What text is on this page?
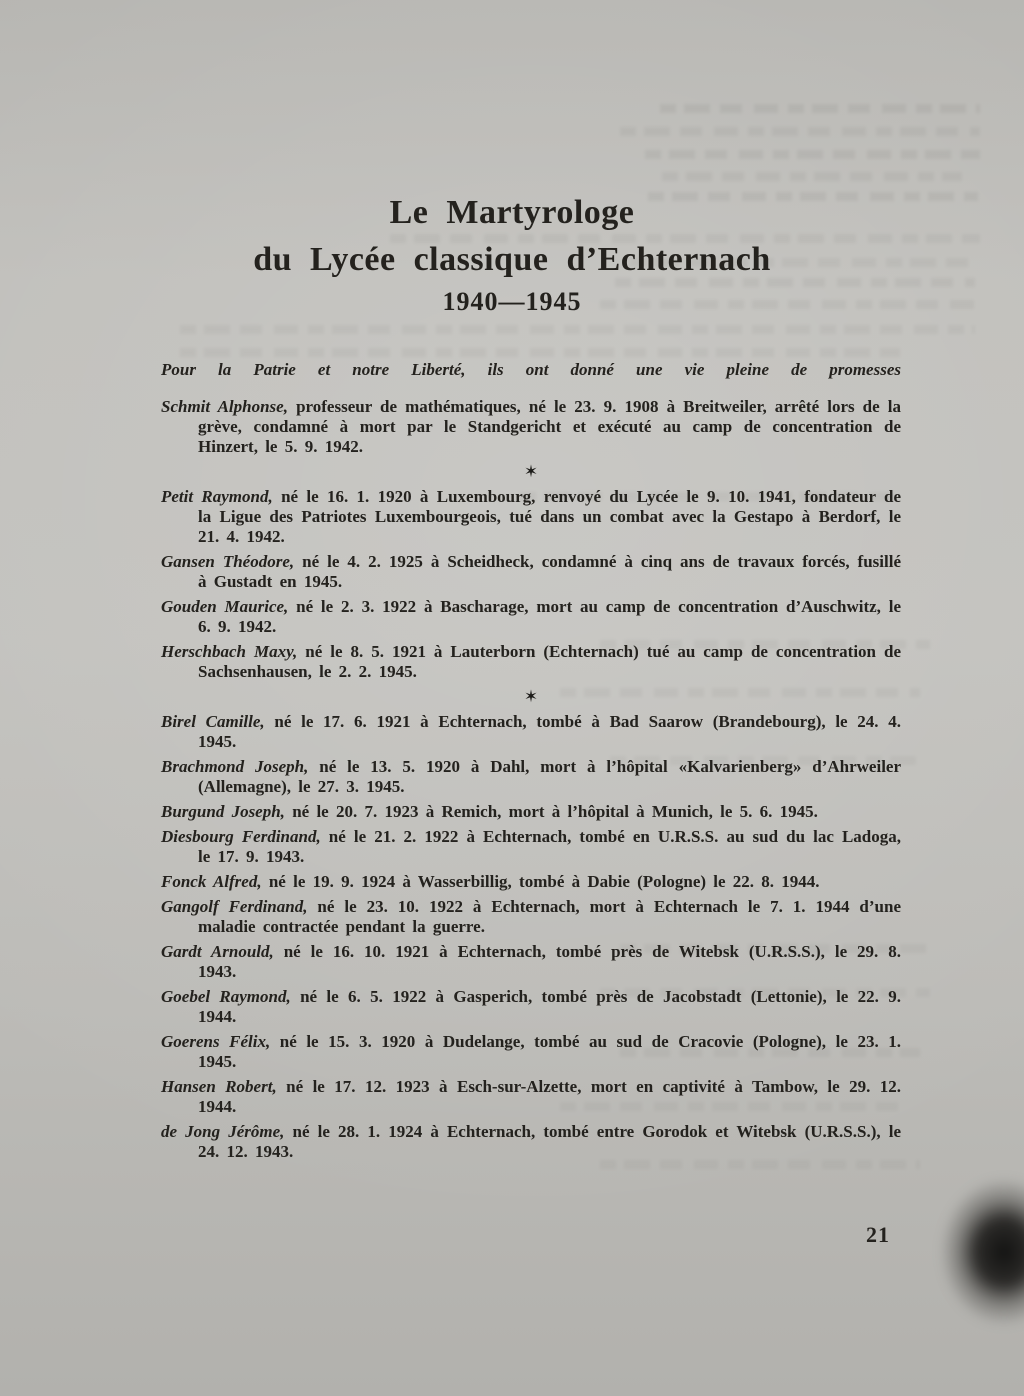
Le Martyrologe
du Lycée classique d’Echternach
1940—1945

Pour la Patrie et notre Liberté, ils ont donné une vie pleine de promesses

Schmit Alphonse, professeur de mathématiques, né le 23. 9. 1908 à Breitweiler, arrêté lors de la grève, condamné à mort par le Standgericht et exécuté au camp de concentration de Hinzert, le 5. 9. 1942.

✶

Petit Raymond, né le 16. 1. 1920 à Luxembourg, renvoyé du Lycée le 9. 10. 1941, fondateur de la Ligue des Patriotes Luxembourgeois, tué dans un combat avec la Gestapo à Berdorf, le 21. 4. 1942.

Gansen Théodore, né le 4. 2. 1925 à Scheidheck, condamné à cinq ans de travaux forcés, fusillé à Gustadt en 1945.

Gouden Maurice, né le 2. 3. 1922 à Bascharage, mort au camp de concentration d’Auschwitz, le 6. 9. 1942.

Herschbach Maxy, né le 8. 5. 1921 à Lauterborn (Echternach) tué au camp de concentration de Sachsenhausen, le 2. 2. 1945.

✶

Birel Camille, né le 17. 6. 1921 à Echternach, tombé à Bad Saarow (Brandebourg), le 24. 4. 1945.

Brachmond Joseph, né le 13. 5. 1920 à Dahl, mort à l’hôpital «Kalvarienberg» d’Ahrweiler (Allemagne), le 27. 3. 1945.

Burgund Joseph, né le 20. 7. 1923 à Remich, mort à l’hôpital à Munich, le 5. 6. 1945.

Diesbourg Ferdinand, né le 21. 2. 1922 à Echternach, tombé en U.R.S.S. au sud du lac Ladoga, le 17. 9. 1943.

Fonck Alfred, né le 19. 9. 1924 à Wasserbillig, tombé à Dabie (Pologne) le 22. 8. 1944.

Gangolf Ferdinand, né le 23. 10. 1922 à Echternach, mort à Echternach le 7. 1. 1944 d’une maladie contractée pendant la guerre.

Gardt Arnould, né le 16. 10. 1921 à Echternach, tombé près de Witebsk (U.R.S.S.), le 29. 8. 1943.

Goebel Raymond, né le 6. 5. 1922 à Gasperich, tombé près de Jacobstadt (Lettonie), le 22. 9. 1944.

Goerens Félix, né le 15. 3. 1920 à Dudelange, tombé au sud de Cracovie (Pologne), le 23. 1. 1945.

Hansen Robert, né le 17. 12. 1923 à Esch-sur-Alzette, mort en captivité à Tambow, le 29. 12. 1944.

de Jong Jérôme, né le 28. 1. 1924 à Echternach, tombé entre Gorodok et Witebsk (U.R.S.S.), le 24. 12. 1943.

21
